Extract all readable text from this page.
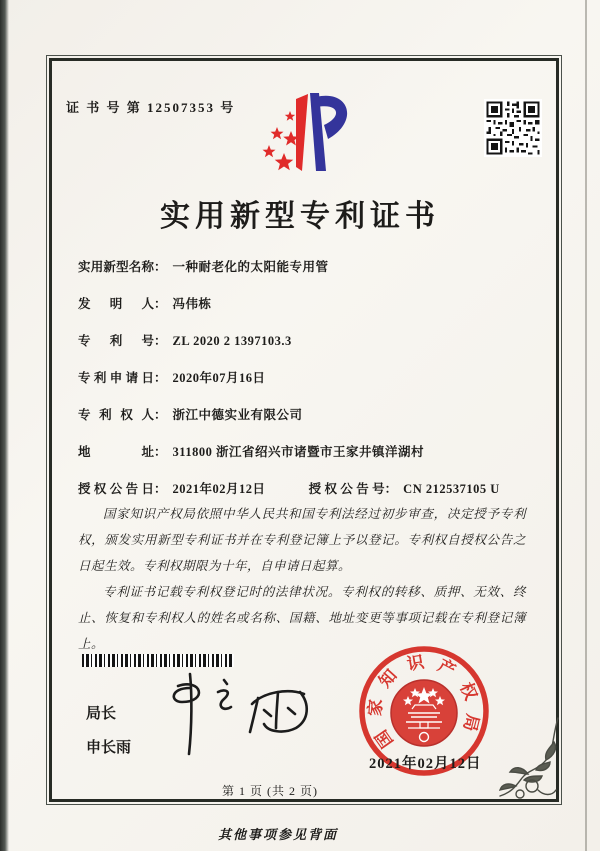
证 书 号 第 12507353 号
实用新型专利证书
实用新型名称： 一种耐老化的太阳能专用管
发明人： 冯伟栋
专利号： ZL 2020 2 1397103.3
专利申请日： 2020年07月16日
专利权人： 浙江中德实业有限公司
地址： 311800 浙江省绍兴市诸暨市王家井镇洋湖村
授权公告日： 2021年02月12日	授权公告号： CN 212537105 U

国家知识产权局依照中华人民共和国专利法经过初步审查，决定授予专利权，颁发实用新型专利证书并在专利登记簿上予以登记。专利权自授权公告之日起生效。专利权期限为十年，自申请日起算。

专利证书记载专利权登记时的法律状况。专利权的转移、质押、无效、终止、恢复和专利权人的姓名或名称、国籍、地址变更等事项记载在专利登记簿上。

局长
申长雨	国
家
知
识 产
权
局
2021年02月12日
第 1 页 (共 2 页)
其他事项参见背面
